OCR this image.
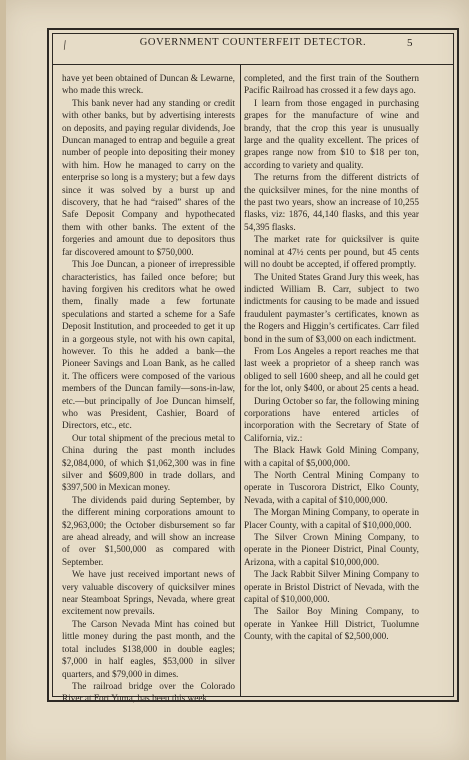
⁄	GOVERNMENT COUNTERFEIT DETECTOR.	5

have yet been obtained of Duncan & Lewarne, who made this wreck.

This bank never had any standing or credit with other banks, but by advertising interests on deposits, and paying regular dividends, Joe Duncan managed to entrap and beguile a great number of people into depositing their money with him. How he managed to carry on the enterprise so long is a mystery; but a few days since it was solved by a burst up and discovery, that he had “raised” shares of the Safe Deposit Company and hypothecated them with other banks. The extent of the forgeries and amount due to depositors thus far discovered amount to $750,000.

This Joe Duncan, a pioneer of irrepressible characteristics, has failed once before; but having forgiven his creditors what he owed them, finally made a few fortunate speculations and started a scheme for a Safe Deposit Institution, and proceeded to get it up in a gorgeous style, not with his own capital, however. To this he added a bank—the Pioneer Savings and Loan Bank, as he called it. The officers were composed of the various members of the Duncan family—sons-in-law, etc.—but principally of Joe Duncan himself, who was President, Cashier, Board of Directors, etc., etc.

Our total shipment of the precious metal to China during the past month includes $2,084,000, of which $1,062,300 was in fine silver and $609,800 in trade dollars, and $397,500 in Mexican money.

The dividends paid during September, by the different mining corporations amount to $2,963,000; the October disbursement so far are ahead already, and will show an increase of over $1,500,000 as compared with September.

We have just received important news of very valuable discovery of quicksilver mines near Steamboat Springs, Nevada, where great excitement now prevails.

The Carson Nevada Mint has coined but little money during the past month, and the total includes $138,000 in double eagles; $7,000 in half eagles, $53,000 in silver quarters, and $79,000 in dimes.

The railroad bridge over the Colorado River at Fort Yuma, has been this week

completed, and the first train of the Southern Pacific Railroad has crossed it a few days ago.

I learn from those engaged in purchasing grapes for the manufacture of wine and brandy, that the crop this year is unusually large and the quality excellent. The prices of grapes range now from $10 to $18 per ton, according to variety and quality.

The returns from the different districts of the quicksilver mines, for the nine months of the past two years, show an increase of 10,255 flasks, viz: 1876, 44,140 flasks, and this year 54,395 flasks.

The market rate for quicksilver is quite nominal at 47½ cents per pound, but 45 cents will no doubt be accepted, if offered promptly.

The United States Grand Jury this week, has indicted William B. Carr, subject to two indictments for causing to be made and issued fraudulent paymaster’s certificates, known as the Rogers and Higgin’s certificates. Carr filed bond in the sum of $3,000 on each indictment.

From Los Angeles a report reaches me that last week a proprietor of a sheep ranch was obliged to sell 1600 sheep, and all he could get for the lot, only $400, or about 25 cents a head.

During October so far, the following mining corporations have entered articles of incorporation with the Secretary of State of California, viz.:

The Black Hawk Gold Mining Company, with a capital of $5,000,000.

The North Central Mining Company to operate in Tuscorora District, Elko County, Nevada, with a capital of $10,000,000.

The Morgan Mining Company, to operate in Placer County, with a capital of $10,000,000.

The Silver Crown Mining Company, to operate in the Pioneer District, Pinal County, Arizona, with a capital $10,000,000.

The Jack Rabbit Silver Mining Company to operate in Bristol District of Nevada, with the capital of $10,000,000.

The Sailor Boy Mining Company, to operate in Yankee Hill District, Tuolumne County, with the capital of $2,500,000.
